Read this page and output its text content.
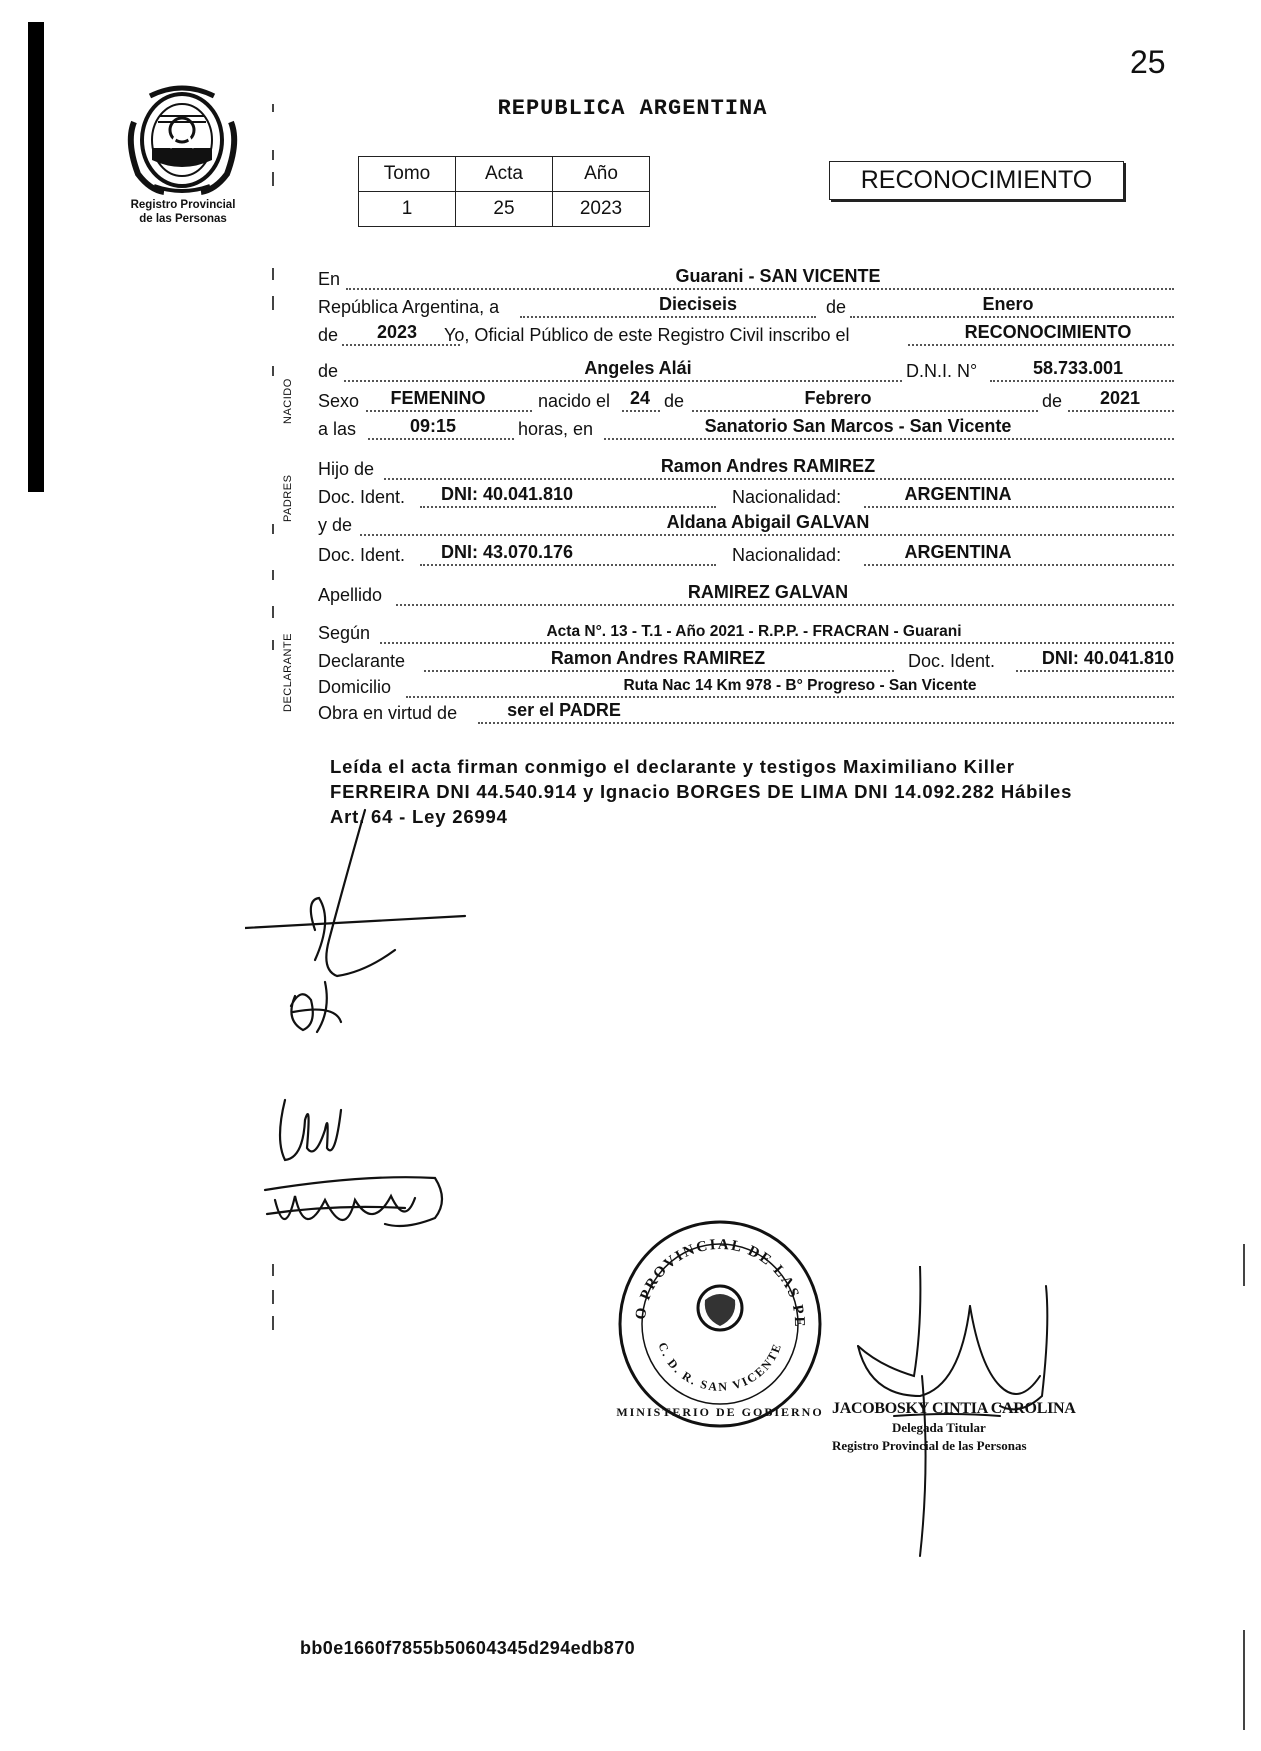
25
Registro Provincial
de las Personas
REPUBLICA ARGENTINA
Tomo	Acta	Año
1	25	2023
RECONOCIMIENTO
NACIDO
PADRES
DECLARANTE
En	Guarani - SAN VICENTE
República Argentina, a	Dieciseis	de	Enero
de	2023	Yo, Oficial Público de este Registro Civil inscribo el	RECONOCIMIENTO
de	Angeles Alái	D.N.I. N°	58.733.001
Sexo	FEMENINO	nacido el	24 de	Febrero	de	2021
a las	09:15	horas, en	Sanatorio San Marcos - San Vicente
Hijo de	Ramon Andres RAMIREZ
Doc. Ident.	DNI: 40.041.810	Nacionalidad:	ARGENTINA
y de	Aldana Abigail GALVAN
Doc. Ident.	DNI: 43.070.176	Nacionalidad:	ARGENTINA
Apellido	RAMIREZ GALVAN
Según	Acta N°. 13 - T.1 - Año 2021 - R.P.P. - FRACRAN - Guarani
Declarante	Ramon Andres RAMIREZ	Doc. Ident.	DNI: 40.041.810
Domicilio	Ruta Nac 14 Km 978 - B° Progreso - San Vicente
Obra en virtud de	ser el PADRE
Leída el acta firman conmigo el declarante y testigos Maximiliano Killer
FERREIRA DNI 44.540.914 y Ignacio BORGES DE LIMA DNI 14.092.282 Hábiles
Art. 64 - Ley 26994
O PROVINCIAL DE LAS PE
C. D. R. SAN VICENTE
MINISTERIO DE GOBIERNO JACOBOSKY CINTIA CAROLINA
Delegada Titular
Registro Provincial de las Personas
bb0e1660f7855b50604345d294edb870
